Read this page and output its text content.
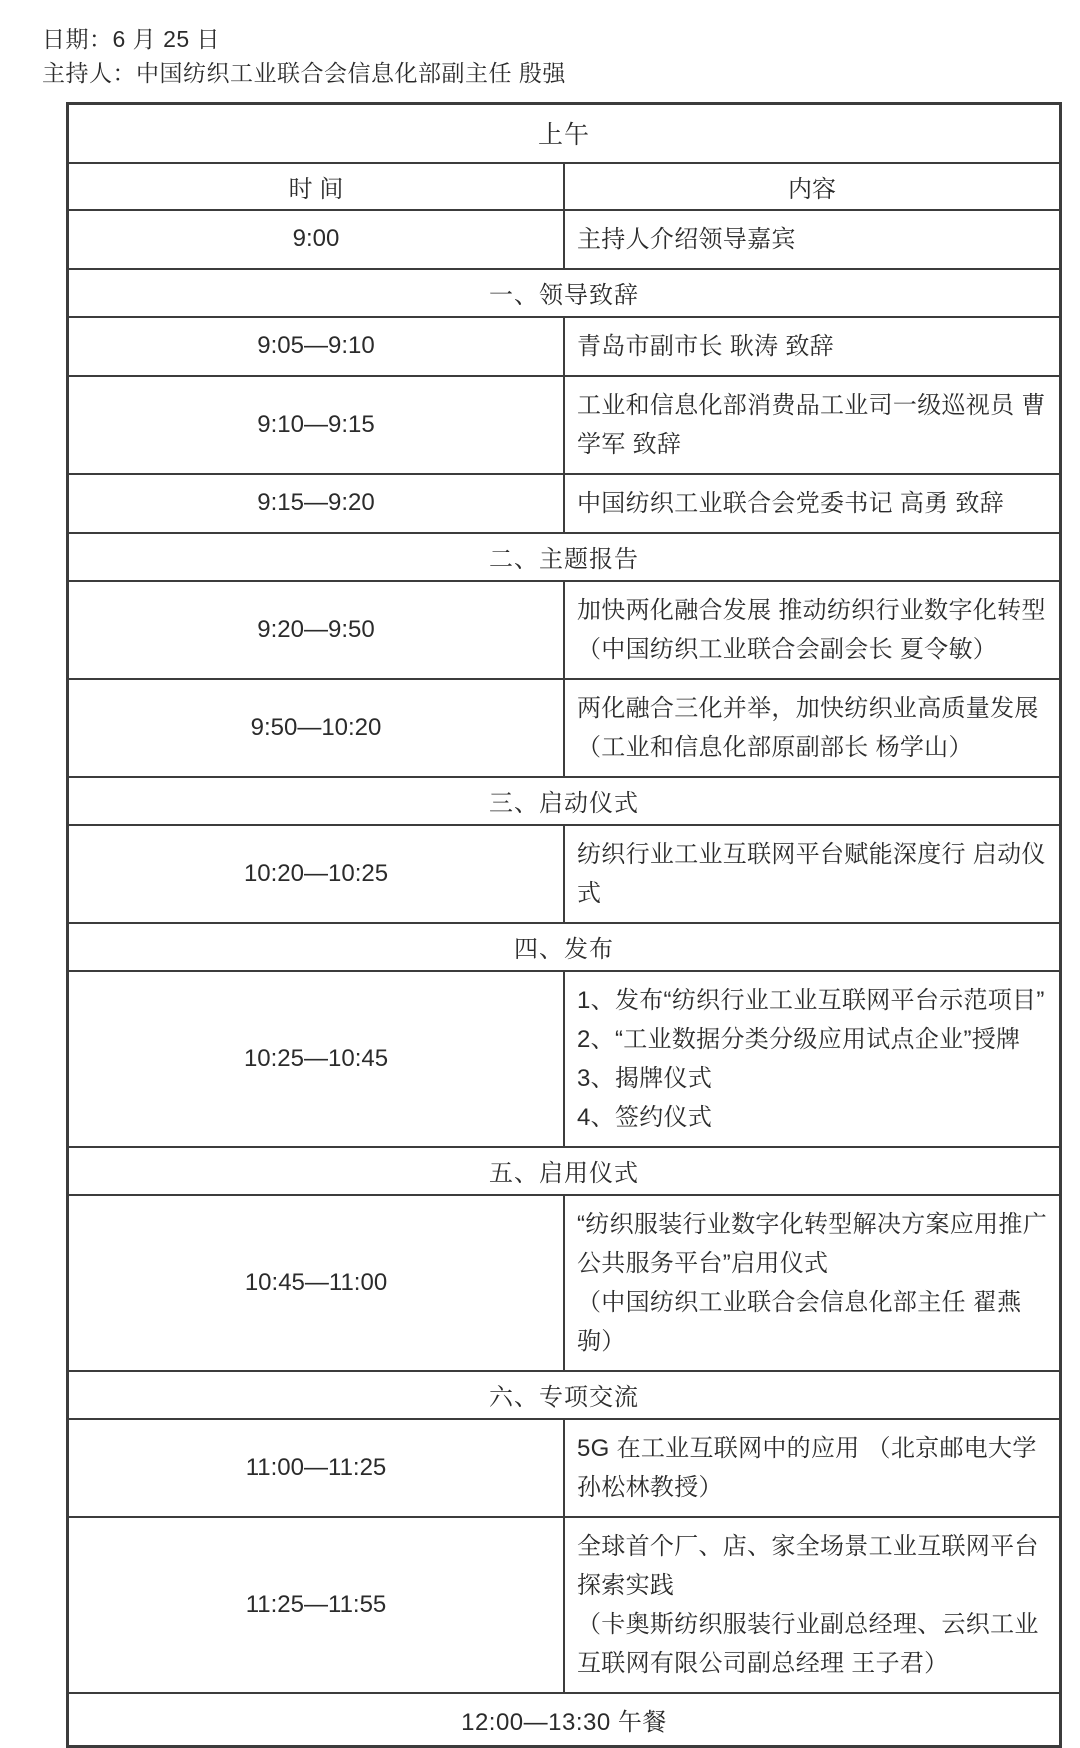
日期：6 月 25 日
主持人：中国纺织工业联合会信息化部副主任 殷强
上午	
时 间	内容
9:00	主持人介绍领导嘉宾

一、领导致辞	
9:05—9:10	青岛市副市长 耿涛 致辞

9:10—9:15	工业和信息化部消费品工业司一级巡视员 曹学军 致辞

9:15—9:20	中国纺织工业联合会党委书记 高勇 致辞

二、主题报告	
9:20—9:50	加快两化融合发展 推动纺织行业数字化转型
（中国纺织工业联合会副会长 夏令敏）

9:50—10:20	两化融合三化并举，加快纺织业高质量发展
（工业和信息化部原副部长 杨学山）

三、启动仪式	
10:20—10:25	纺织行业工业互联网平台赋能深度行 启动仪式

四、发布	
10:25—10:45	1、发布“纺织行业工业互联网平台示范项目”
2、“工业数据分类分级应用试点企业”授牌
3、揭牌仪式
4、签约仪式

五、启用仪式	
10:45—11:00	“纺织服装行业数字化转型解决方案应用推广公共服务平台”启用仪式
（中国纺织工业联合会信息化部主任 翟燕驹）

六、专项交流	
11:00—11:25	5G 在工业互联网中的应用 （北京邮电大学 孙松林教授）

11:25—11:55	全球首个厂、店、家全场景工业互联网平台探索实践
（卡奥斯纺织服装行业副总经理、云织工业互联网有限公司副总经理 王子君）

12:00—13:30 午餐	
